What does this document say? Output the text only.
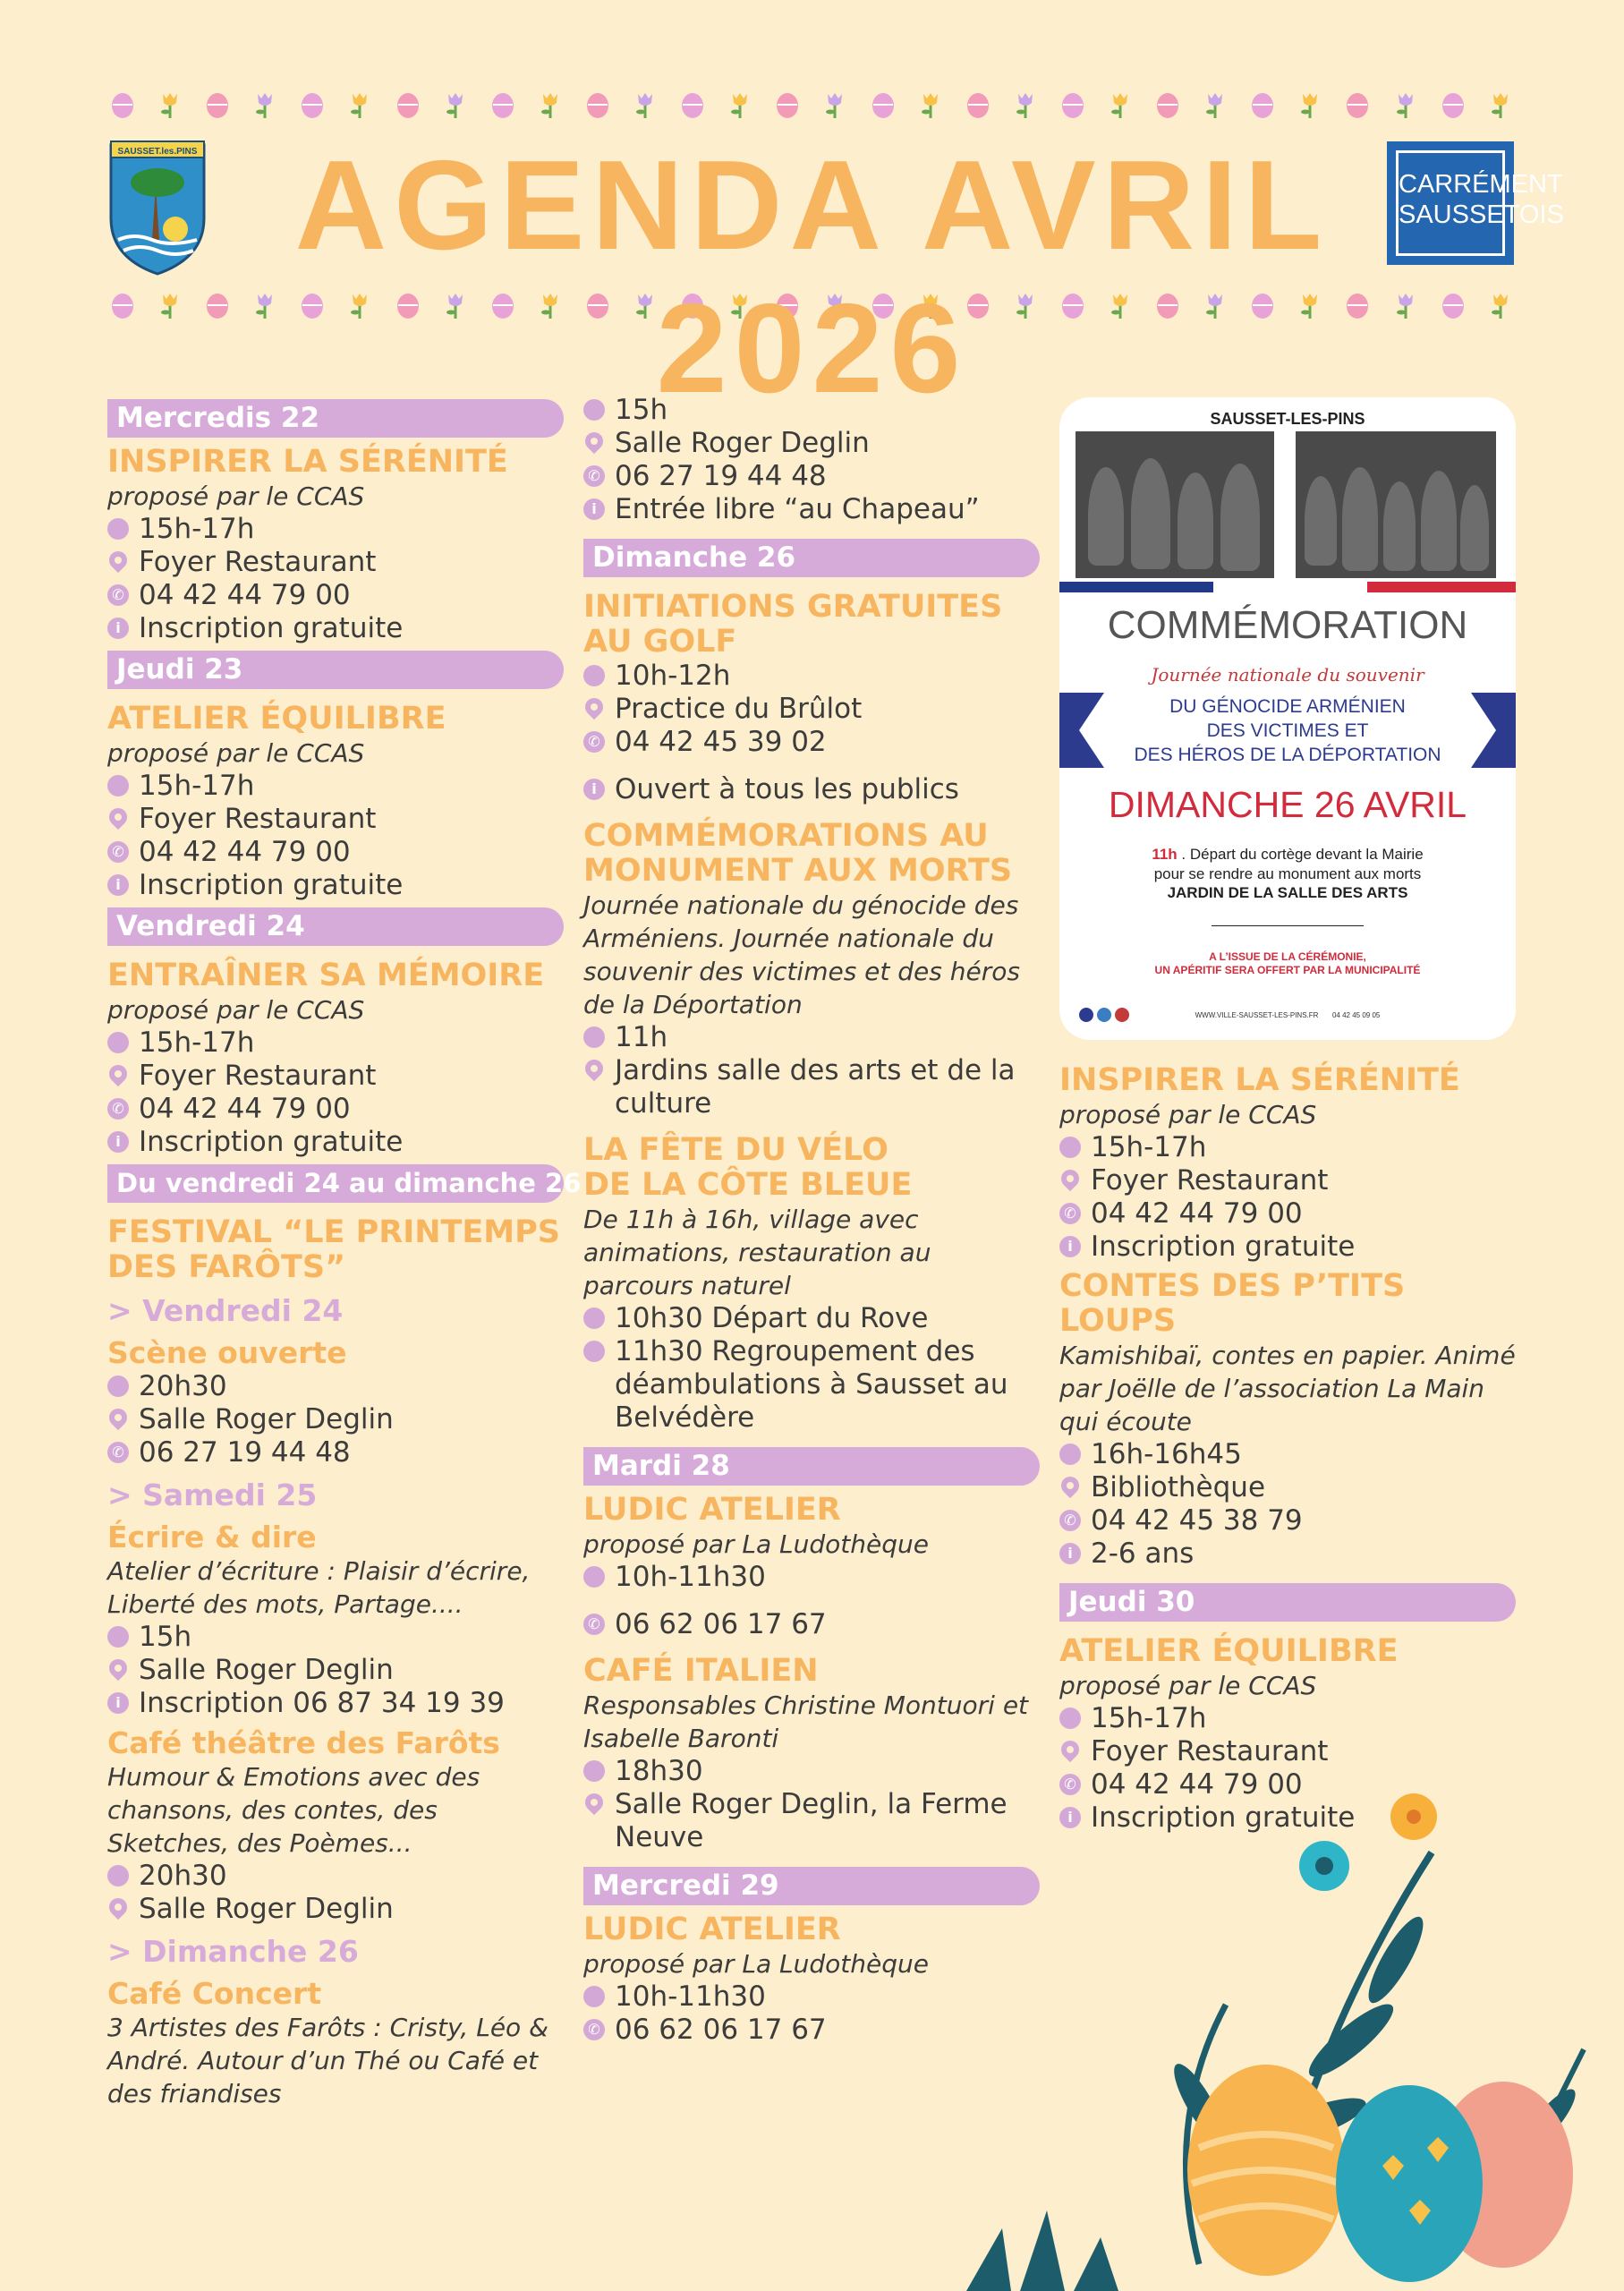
SAUSSET.les.PINS
CARRÉMENT
SAUSSETOIS
AGENDA AVRIL 2026
Mercredis 22
INSPIRER LA SÉRÉNITÉ
proposé par le CCAS
15h-17h
Foyer Restaurant
✆ 04 42 44 79 00
i Inscription gratuite
Jeudi 23
ATELIER ÉQUILIBRE
proposé par le CCAS
15h-17h
Foyer Restaurant
✆ 04 42 44 79 00
i Inscription gratuite
Vendredi 24
ENTRAÎNER SA MÉMOIRE
proposé par le CCAS
15h-17h
Foyer Restaurant
✆ 04 42 44 79 00
i Inscription gratuite
Du vendredi 24 au dimanche 26
FESTIVAL “LE PRINTEMPS
DES FARÔTS”
> Vendredi 24
Scène ouverte
20h30
Salle Roger Deglin
✆ 06 27 19 44 48
> Samedi 25
Écrire & dire
Atelier d’écriture : Plaisir d’écrire, Liberté des mots, Partage....
15h
Salle Roger Deglin
i Inscription 06 87 34 19 39
Café théâtre des Farôts
Humour & Emotions avec des chansons, des contes, des Sketches, des Poèmes...
20h30
Salle Roger Deglin
> Dimanche 26
Café Concert
3 Artistes des Farôts : Cristy, Léo & André. Autour d’un Thé ou Café et des friandises
15h
Salle Roger Deglin
✆ 06 27 19 44 48
i Entrée libre “au Chapeau”
Dimanche 26
INITIATIONS GRATUITES
AU GOLF
10h-12h
Practice du Brûlot
✆ 04 42 45 39 02
i Ouvert à tous les publics
COMMÉMORATIONS AU
MONUMENT AUX MORTS
Journée nationale du génocide des Arméniens. Journée nationale du souvenir des victimes et des héros de la Déportation
11h
Jardins salle des arts et de la culture
LA FÊTE DU VÉLO
DE LA CÔTE BLEUE
De 11h à 16h, village avec animations, restauration au parcours naturel
10h30 Départ du Rove
11h30 Regroupement des déambulations à Sausset au Belvédère
Mardi 28
LUDIC ATELIER
proposé par La Ludothèque
10h-11h30
✆ 06 62 06 17 67
CAFÉ ITALIEN
Responsables Christine Montuori et Isabelle Baronti
18h30
Salle Roger Deglin, la Ferme Neuve
Mercredi 29
LUDIC ATELIER
proposé par La Ludothèque
10h-11h30
✆ 06 62 06 17 67
SAUSSET-LES-PINS
COMMÉMORATION
Journée nationale du souvenir
DU GÉNOCIDE ARMÉNIEN
DES VICTIMES ET
DES HÉROS DE LA DÉPORTATION
DIMANCHE 26 AVRIL
11h . Départ du cortège devant la Mairie
pour se rendre au monument aux morts
JARDIN DE LA SALLE DES ARTS
A L’ISSUE DE LA CÉRÉMONIE,
UN APÉRITIF SERA OFFERT PAR LA MUNICIPALITÉ
WWW.VILLE-SAUSSET-LES-PINS.FR 04 42 45 09 05
INSPIRER LA SÉRÉNITÉ
proposé par le CCAS
15h-17h
Foyer Restaurant
✆ 04 42 44 79 00
i Inscription gratuite
CONTES DES P’TITS LOUPS
Kamishibaï, contes en papier. Animé par Joëlle de l’association La Main qui écoute
16h-16h45
Bibliothèque
✆ 04 42 45 38 79
i 2-6 ans
Jeudi 30
ATELIER ÉQUILIBRE
proposé par le CCAS
15h-17h
Foyer Restaurant
✆ 04 42 44 79 00
i Inscription gratuite
